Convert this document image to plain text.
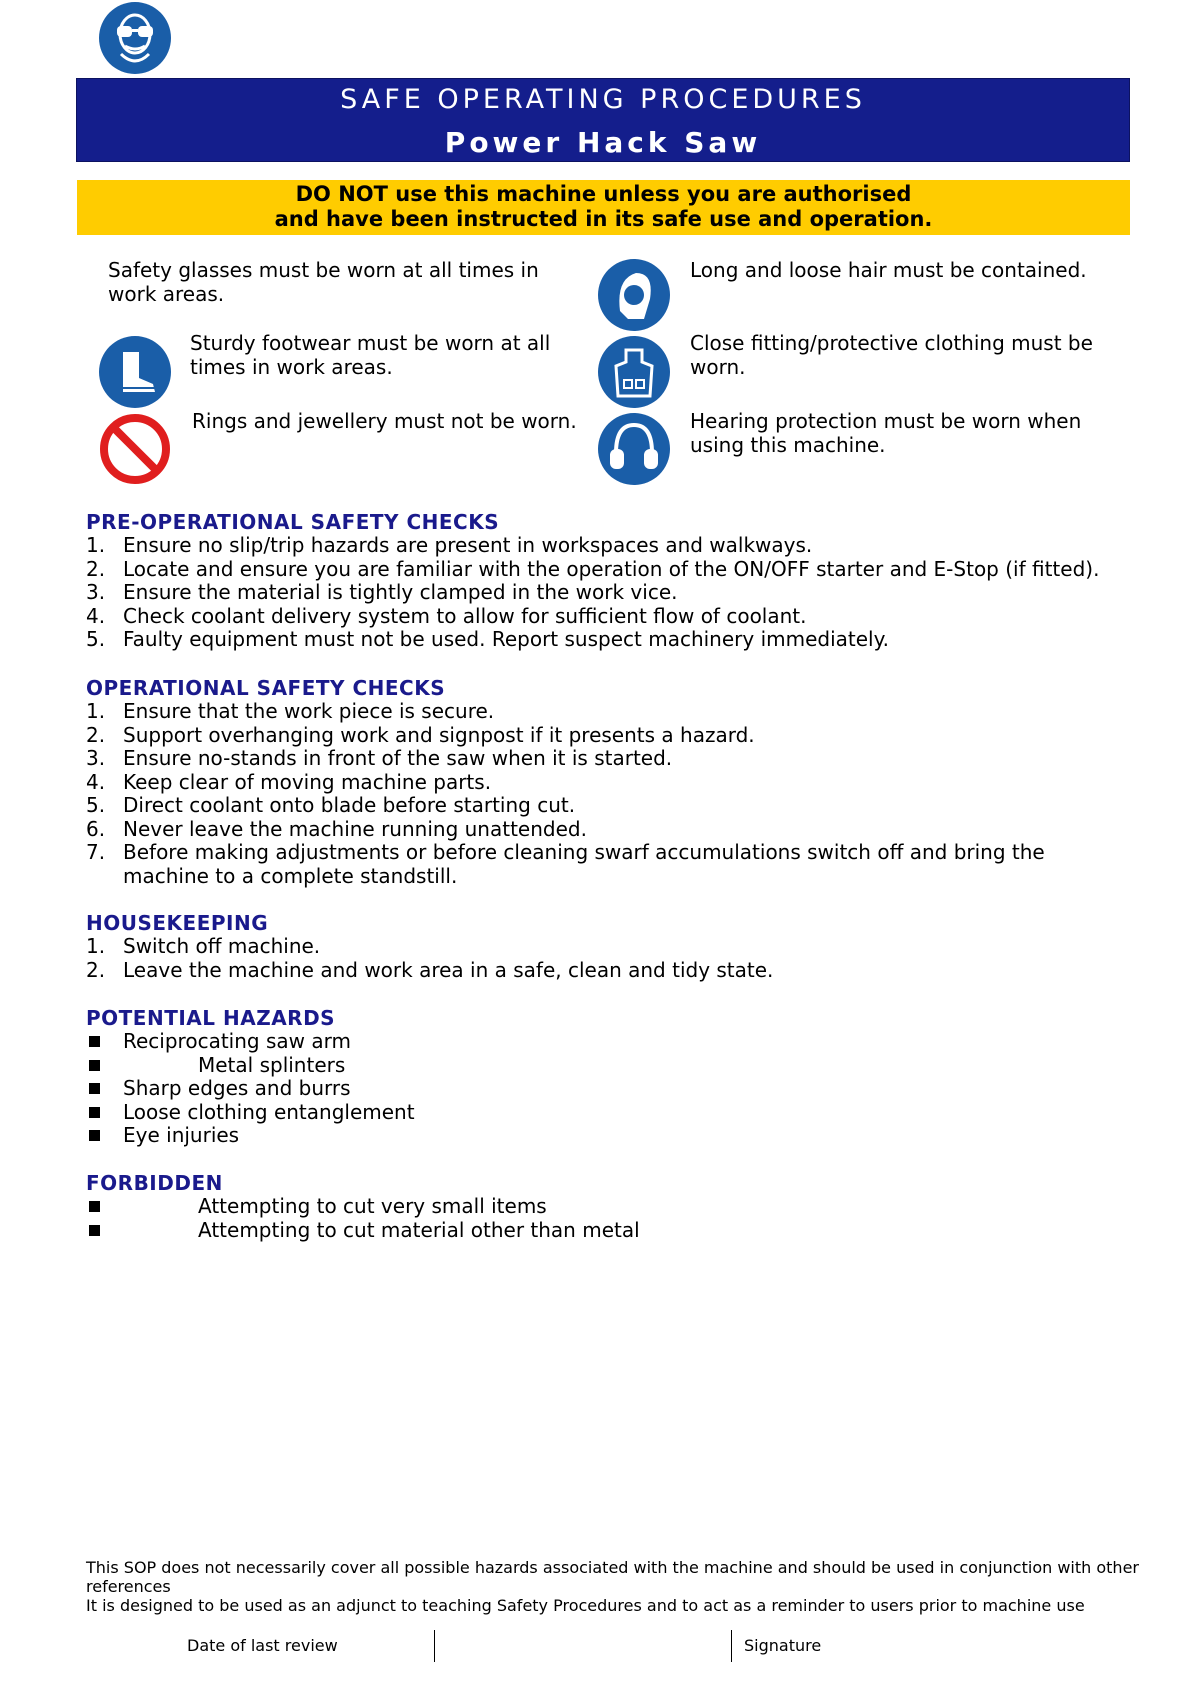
SAFE OPERATING PROCEDURES
Power Hack Saw
DO NOT use this machine unless you are authorised
and have been instructed in its safe use and operation.
Safety glasses must be worn at all times in work areas.
Sturdy footwear must be worn at all times in work areas.
Rings and jewellery must not be worn.
Long and loose hair must be contained.
Close fitting/protective clothing must be worn.
Hearing protection must be worn when using this machine.
PRE-OPERATIONAL SAFETY CHECKS
1. Ensure no slip/trip hazards are present in workspaces and walkways.
2. Locate and ensure you are familiar with the operation of the ON/OFF starter and E-Stop (if fitted).
3. Ensure the material is tightly clamped in the work vice.
4. Check coolant delivery system to allow for sufficient flow of coolant.
5. Faulty equipment must not be used. Report suspect machinery immediately.
OPERATIONAL SAFETY CHECKS
1. Ensure that the work piece is secure.
2. Support overhanging work and signpost if it presents a hazard.
3. Ensure no-stands in front of the saw when it is started.
4. Keep clear of moving machine parts.
5. Direct coolant onto blade before starting cut.
6. Never leave the machine running unattended.
7. Before making adjustments or before cleaning swarf accumulations switch off and bring the machine to a complete standstill.
HOUSEKEEPING
1. Switch off machine.
2. Leave the machine and work area in a safe, clean and tidy state.
POTENTIAL HAZARDS
Reciprocating saw arm
Metal splinters
Sharp edges and burrs
Loose clothing entanglement
Eye injuries
FORBIDDEN
Attempting to cut very small items
Attempting to cut material other than metal
This SOP does not necessarily cover all possible hazards associated with the machine and should be used in conjunction with other references
It is designed to be used as an adjunct to teaching Safety Procedures and to act as a reminder to users prior to machine use
Date of last review	Signature
